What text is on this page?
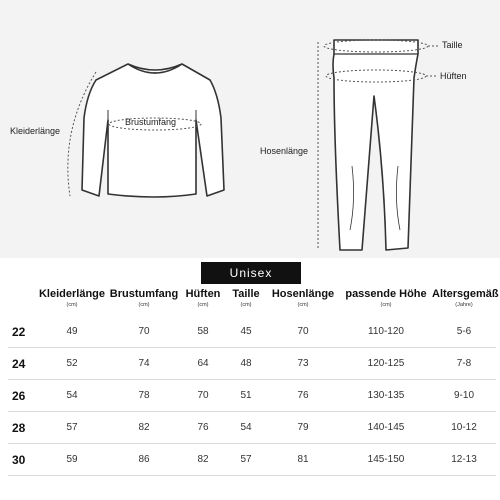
Kleiderlänge
Brustumfang
Taille
Hüften
Hosenlänge
Unisex
	Kleiderlänge	Brustumfang	Hüften	Taille	Hosenlänge	passende Höhe	Altersgemäß
	(cm)	(cm)	(cm)	(cm)	(cm)	(cm)	(Jahre)
22	49	70	58	45	70	110-120	5-6
24	52	74	64	48	73	120-125	7-8
26	54	78	70	51	76	130-135	9-10
28	57	82	76	54	79	140-145	10-12
30	59	86	82	57	81	145-150	12-13
